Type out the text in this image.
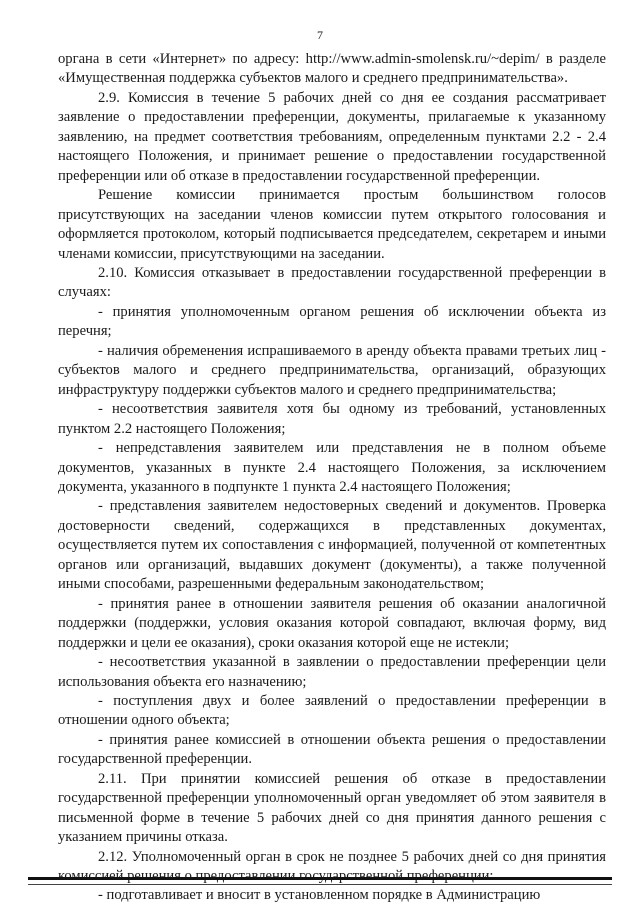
7

органа в сети «Интернет» по адресу: http://www.admin-smolensk.ru/~depim/ в разделе «Имущественная поддержка субъектов малого и среднего предпринимательства».

2.9. Комиссия в течение 5 рабочих дней со дня ее создания рассматривает заявление о предоставлении преференции, документы, прилагаемые к указанному заявлению, на предмет соответствия требованиям, определенным пунктами 2.2 - 2.4 настоящего Положения, и принимает решение о предоставлении государственной преференции или об отказе в предоставлении государственной преференции.

Решение комиссии принимается простым большинством голосов присутствующих на заседании членов комиссии путем открытого голосования и оформляется протоколом, который подписывается председателем, секретарем и иными членами комиссии, присутствующими на заседании.

2.10. Комиссия отказывает в предоставлении государственной преференции в случаях:

- принятия уполномоченным органом решения об исключении объекта из перечня;

- наличия обременения испрашиваемого в аренду объекта правами третьих лиц - субъектов малого и среднего предпринимательства, организаций, образующих инфраструктуру поддержки субъектов малого и среднего предпринимательства;

- несоответствия заявителя хотя бы одному из требований, установленных пунктом 2.2 настоящего Положения;

- непредставления заявителем или представления не в полном объеме документов, указанных в пункте 2.4 настоящего Положения, за исключением документа, указанного в подпункте 1 пункта 2.4 настоящего Положения;

- представления заявителем недостоверных сведений и документов. Проверка достоверности сведений, содержащихся в представленных документах, осуществляется путем их сопоставления с информацией, полученной от компетентных органов или организаций, выдавших документ (документы), а также полученной иными способами, разрешенными федеральным законодательством;

- принятия ранее в отношении заявителя решения об оказании аналогичной поддержки (поддержки, условия оказания которой совпадают, включая форму, вид поддержки и цели ее оказания), сроки оказания которой еще не истекли;

- несоответствия указанной в заявлении о предоставлении преференции цели использования объекта его назначению;

- поступления двух и более заявлений о предоставлении преференции в отношении одного объекта;

- принятия ранее комиссией в отношении объекта решения о предоставлении государственной преференции.

2.11. При принятии комиссией решения об отказе в предоставлении государственной преференции уполномоченный орган уведомляет об этом заявителя в письменной форме в течение 5 рабочих дней со дня принятия данного решения с указанием причины отказа.

2.12. Уполномоченный орган в срок не позднее 5 рабочих дней со дня принятия

- подготавливает и вносит в установленном порядке в Администрацию
